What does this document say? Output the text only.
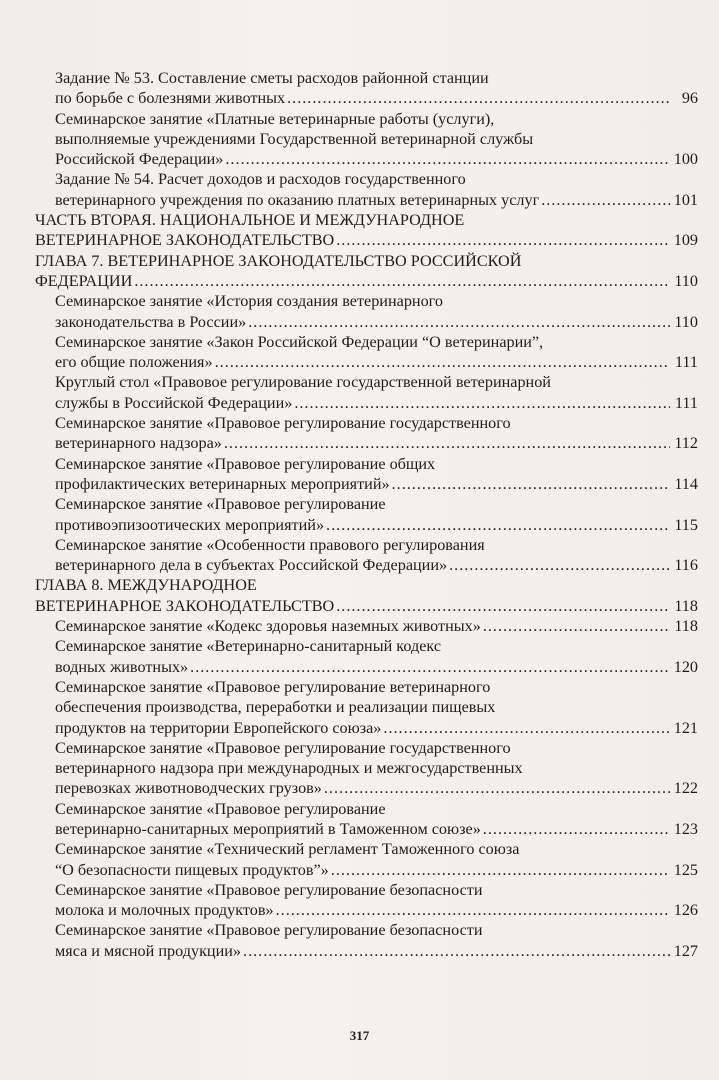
Задание № 53. Составление сметы расходов районной станции
по борьбе с болезнями животных .....	96
Семинарское занятие «Платные ветеринарные работы (услуги),
выполняемые учреждениями Государственной ветеринарной службы
Российской Федерации» .....	100
Задание № 54. Расчет доходов и расходов государственного
ветеринарного учреждения по оказанию платных ветеринарных услуг .....	101
ЧАСТЬ ВТОРАЯ. НАЦИОНАЛЬНОЕ И МЕЖДУНАРОДНОЕ
ВЕТЕРИНАРНОЕ ЗАКОНОДАТЕЛЬСТВО .....	109
ГЛАВА 7. ВЕТЕРИНАРНОЕ ЗАКОНОДАТЕЛЬСТВО РОССИЙСКОЙ
ФЕДЕРАЦИИ .....	110
Семинарское занятие «История создания ветеринарного
законодательства в России» .....	110
Семинарское занятие «Закон Российской Федерации “О ветеринарии”,
его общие положения» .....	111
Круглый стол «Правовое регулирование государственной ветеринарной
службы в Российской Федерации» .....	111
Семинарское занятие «Правовое регулирование государственного
ветеринарного надзора» .....	112
Семинарское занятие «Правовое регулирование общих
профилактических ветеринарных мероприятий» .....	114
Семинарское занятие «Правовое регулирование
противоэпизоотических мероприятий» .....	115
Семинарское занятие «Особенности правового регулирования
ветеринарного дела в субъектах Российской Федерации» .....	116
ГЛАВА 8. МЕЖДУНАРОДНОЕ
ВЕТЕРИНАРНОЕ ЗАКОНОДАТЕЛЬСТВО .....	118
Семинарское занятие «Кодекс здоровья наземных животных» .....	118
Семинарское занятие «Ветеринарно-санитарный кодекс
водных животных» .....	120
Семинарское занятие «Правовое регулирование ветеринарного
обеспечения производства, переработки и реализации пищевых
продуктов на территории Европейского союза» .....	121
Семинарское занятие «Правовое регулирование государственного
ветеринарного надзора при международных и межгосударственных
перевозках животноводческих грузов» .....	122
Семинарское занятие «Правовое регулирование
ветеринарно-санитарных мероприятий в Таможенном союзе» .....	123
Семинарское занятие «Технический регламент Таможенного союза
“О безопасности пищевых продуктов”» .....	125
Семинарское занятие «Правовое регулирование безопасности
молока и молочных продуктов» .....	126
Семинарское занятие «Правовое регулирование безопасности
мяса и мясной продукции» .....	127
317
